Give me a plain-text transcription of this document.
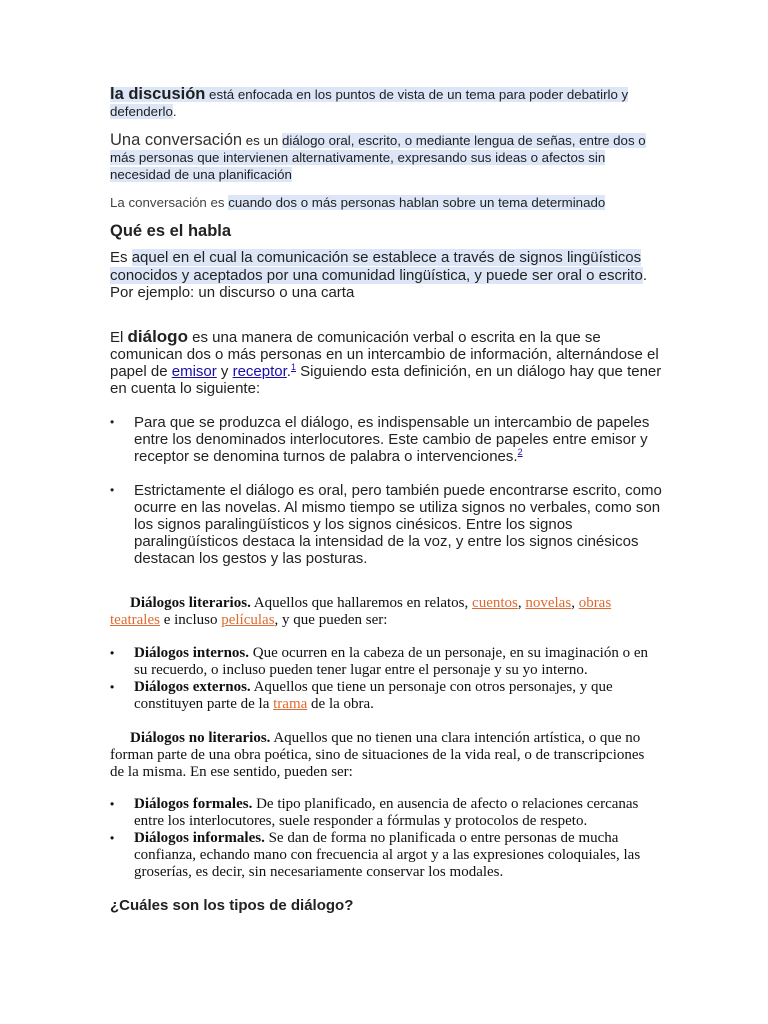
la discusión está enfocada en los puntos de vista de un tema para poder debatirlo y defenderlo.

Una conversación es un diálogo oral, escrito, o mediante lengua de señas, entre dos o más personas que intervienen alternativamente, expresando sus ideas o afectos sin necesidad de una planificación

La conversación es cuando dos o más personas hablan sobre un tema determinado

Qué es el habla

Es aquel en el cual la comunicación se establece a través de signos lingüísticos conocidos y aceptados por una comunidad lingüística, y puede ser oral o escrito. Por ejemplo: un discurso o una carta

El diálogo es una manera de comunicación verbal o escrita en la que se comunican dos o más personas en un intercambio de información, alternándose el papel de emisor y receptor.$^1$ Siguiendo esta definición, en un diálogo hay que tener en cuenta lo siguiente:

• Para que se produzca el diálogo, es indispensable un intercambio de papeles entre los denominados interlocutores. Este cambio de papeles entre emisor y receptor se denomina turnos de palabra o intervenciones.$^2$
• Estrictamente el diálogo es oral, pero también puede encontrarse escrito, como ocurre en las novelas. Al mismo tiempo se utiliza signos no verbales, como son los signos paralingüísticos y los signos cinésicos. Entre los signos paralingüísticos destaca la intensidad de la voz, y entre los signos cinésicos destacan los gestos y las posturas.

Diálogos literarios. Aquellos que hallaremos en relatos, cuentos, novelas, obras teatrales e incluso películas, y que pueden ser:

• Diálogos internos. Que ocurren en la cabeza de un personaje, en su imaginación o en su recuerdo, o incluso pueden tener lugar entre el personaje y su yo interno.
• Diálogos externos. Aquellos que tiene un personaje con otros personajes, y que constituyen parte de la trama de la obra.

Diálogos no literarios. Aquellos que no tienen una clara intención artística, o que no forman parte de una obra poética, sino de situaciones de la vida real, o de transcripciones de la misma. En ese sentido, pueden ser:

• Diálogos formales. De tipo planificado, en ausencia de afecto o relaciones cercanas entre los interlocutores, suele responder a fórmulas y protocolos de respeto.
• Diálogos informales. Se dan de forma no planificada o entre personas de mucha confianza, echando mano con frecuencia al argot y a las expresiones coloquiales, las groserías, es decir, sin necesariamente conservar los modales.
¿Cuáles son los tipos de diálogo?
